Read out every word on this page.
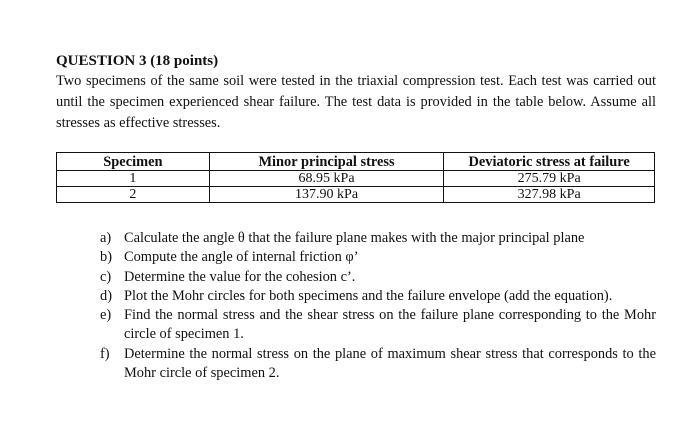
QUESTION 3 (18 points)

Two specimens of the same soil were tested in the triaxial compression test. Each test was carried out until the specimen experienced shear failure. The test data is provided in the table below. Assume all stresses as effective stresses.

Specimen	Minor principal stress	Deviatoric stress at failure
1	68.95 kPa	275.79 kPa
2	137.90 kPa	327.98 kPa
a) Calculate the angle θ that the failure plane makes with the major principal plane
b) Compute the angle of internal friction φ’
c) Determine the value for the cohesion c’.
d) Plot the Mohr circles for both specimens and the failure envelope (add the equation).
e) Find the normal stress and the shear stress on the failure plane corresponding to the Mohr circle of specimen 1.
f)	Determine the normal stress on the plane of maximum shear stress that corresponds to the Mohr circle of specimen 2.
